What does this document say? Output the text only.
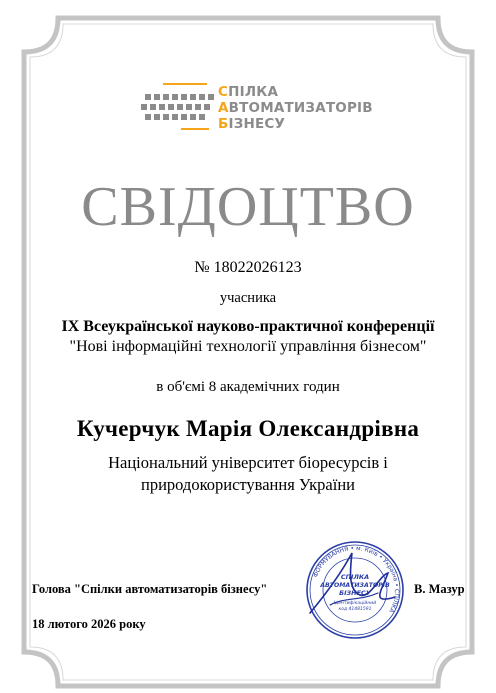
СПІЛКА
АВТОМАТИЗАТОРІВ
БІЗНЕСУ
СВІДОЦТВО
№ 18022026123
учасника
IX Всеукраїнської науково-практичної конференції
"Нові інформаційні технології управління бізнесом"
в об'ємі 8 академічних годин
Кучерчук Марія Олександрівна
Національний університет біоресурсів і
природокористування України
Голова "Спілки автоматизаторів бізнесу"	В. Мазур
18 лютого 2026 року
ФОРМУВАННЯ • м. Київ • Україна • СПІЛКА
СПІЛКА
АВТОМАТИЗАТОРІВ
БІЗНЕСУ
Ідентифікаційний
код 41481591
